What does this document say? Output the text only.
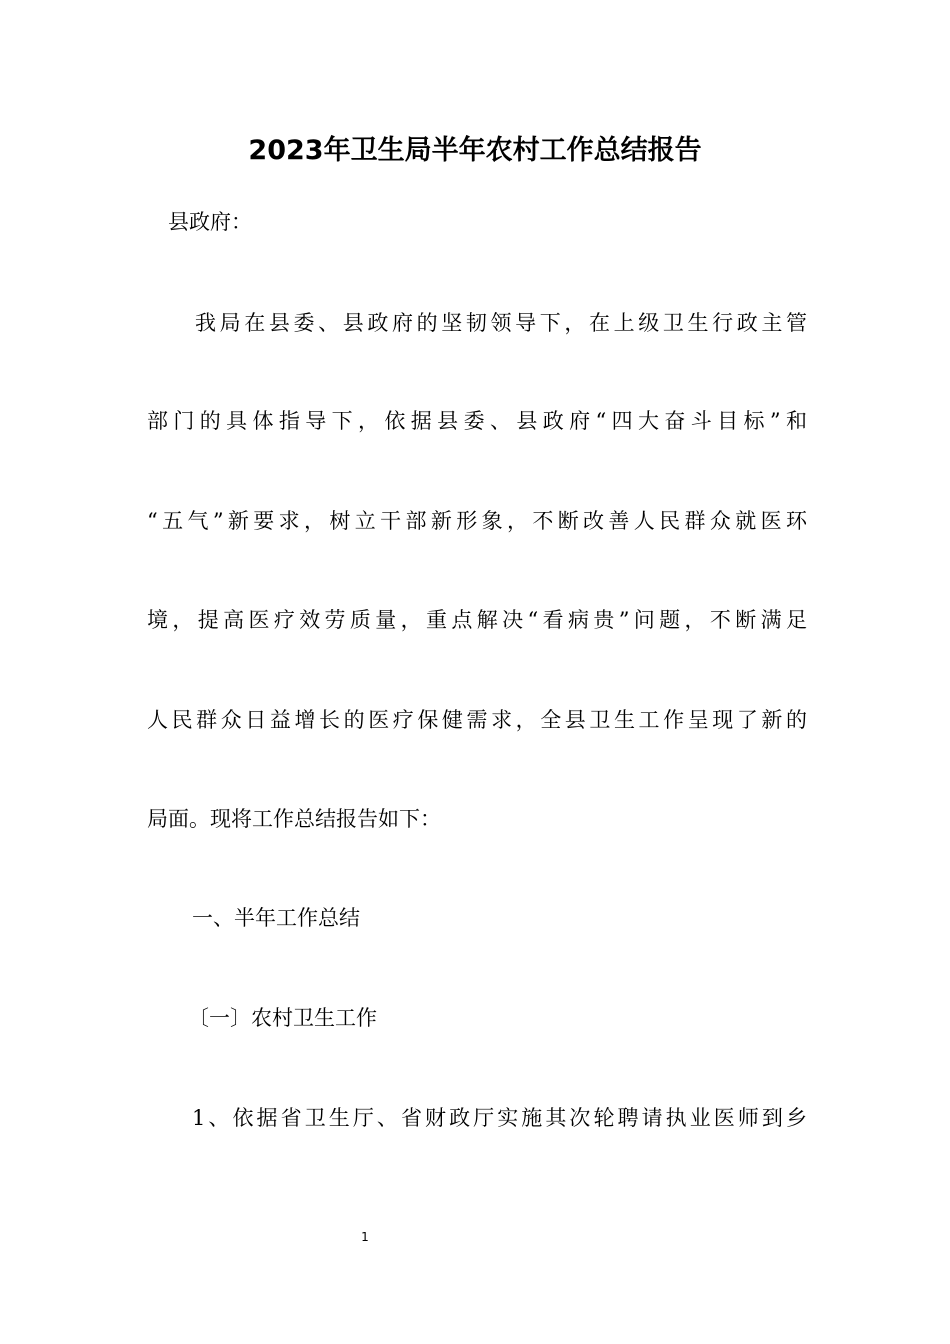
2023年卫生局半年农村工作总结报告
县政府：
我局在县委、县政府的坚韧领导下，在上级卫生行政主管
部门的具体指导下，依据县委、县政府“四大奋斗目标”和
“五气”新要求，树立干部新形象，不断改善人民群众就医环
境，提高医疗效劳质量，重点解决“看病贵”问题，不断满足
人民群众日益增长的医疗保健需求，全县卫生工作呈现了新的
局面。现将工作总结报告如下：
一、半年工作总结
〔一〕农村卫生工作
1、依据省卫生厅、省财政厅实施其次轮聘请执业医师到乡
1
